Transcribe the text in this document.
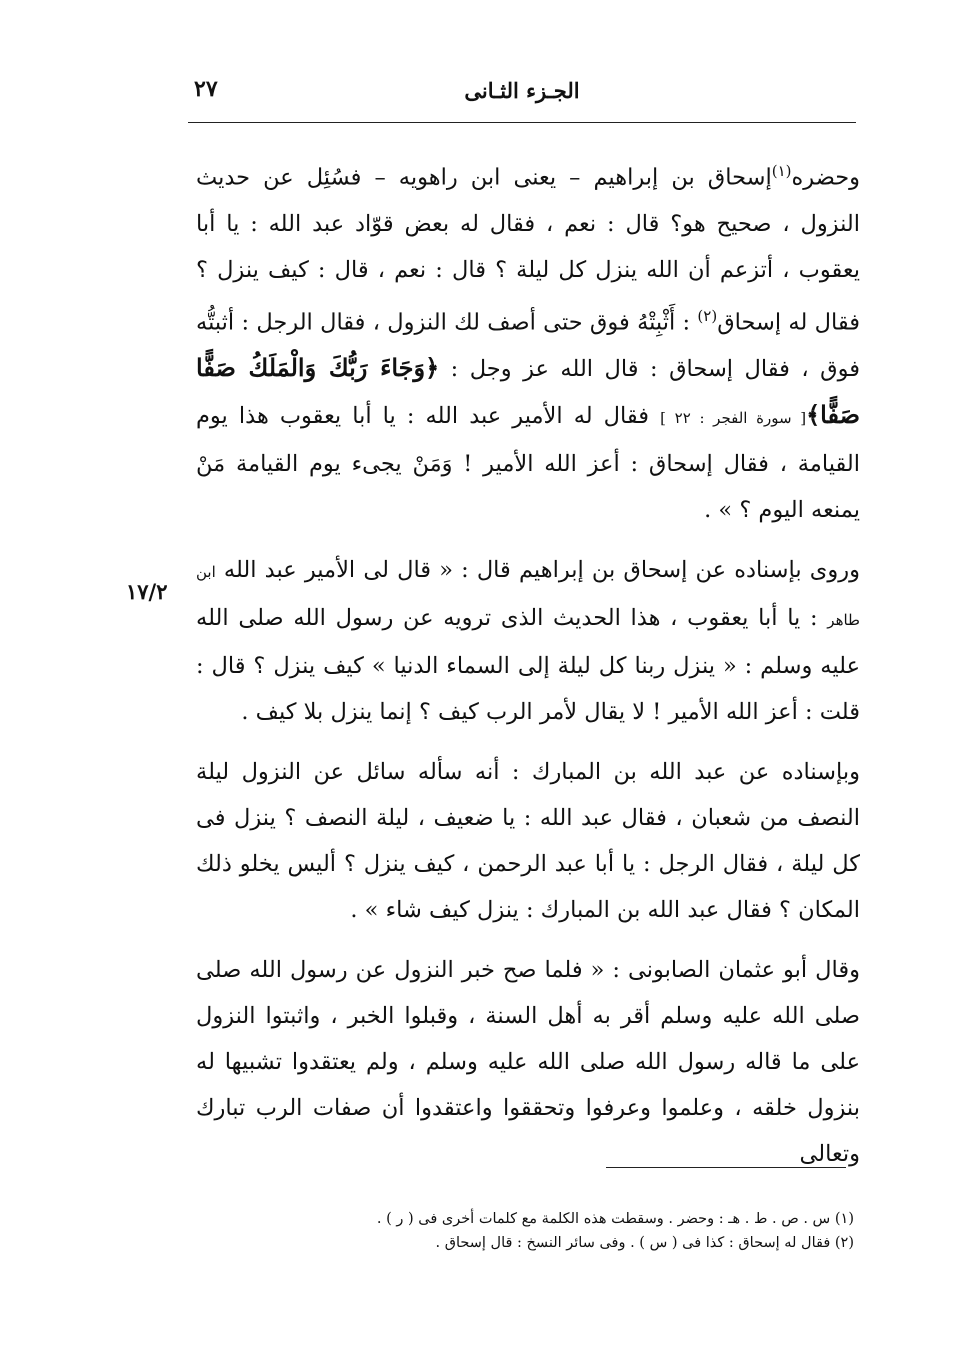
الجـزء الثـانى
٢٧
١٧/٢

وحضره$^{(١)}$إسحاق بن إبراهيم – يعنى ابن راهويه – فسُئِل عن حديث النزول ، صحيح هو؟ قال : نعم ، فقال له بعض قوّاد عبد الله : يا أبا يعقوب ، أتزعم أن الله ينزل كل ليلة ؟ قال : نعم ، قال : كيف ينزل ؟ فقال له إسحاق$^{(٢)}$ : أَثْبِتْهُ فوق حتى أصف لك النزول ، فقال الرجل : أثبتُّه فوق ، فقال إسحاق : قال الله عز وجل : ﴿وَجَاءَ رَبُّكَ وَالْمَلَكُ صَفًّا صَفًّا﴾[ سورة الفجر : ٢٢ ] فقال له الأمير عبد الله : يا أبا يعقوب هذا يوم القيامة ، فقال إسحاق : أعز الله الأمير ! وَمَنْ يجىء يوم القيامة مَنْ يمنعه اليوم ؟ » .

وروى بإسناده عن إسحاق بن إبراهيم قال : « قال لى الأمير عبد الله ابن طاهر : يا أبا يعقوب ، هذا الحديث الذى ترويه عن رسول الله صلى الله عليه وسلم : « ينزل ربنا كل ليلة إلى السماء الدنيا » كيف ينزل ؟ قال : قلت : أعز الله الأمير ! لا يقال لأمر الرب كيف ؟ إنما ينزل بلا كيف .

وبإسناده عن عبد الله بن المبارك : أنه سأله سائل عن النزول ليلة النصف من شعبان ، فقال عبد الله : يا ضعيف ، ليلة النصف ؟ ينزل فى كل ليلة ، فقال الرجل : يا أبا عبد الرحمن ، كيف ينزل ؟ أليس يخلو ذلك المكان ؟ فقال عبد الله بن المبارك : ينزل كيف شاء » .

وقال أبو عثمان الصابونى : « فلما صح خبر النزول عن رسول الله صلى صلى الله عليه وسلم أقر به أهل السنة ، وقبلوا الخبر ، واثبتوا النزول على ما قاله رسول الله صلى الله عليه وسلم ، ولم يعتقدوا تشبيها له بنزول خلقه ، وعلموا وعرفوا وتحققوا واعتقدوا أن صفات الرب تبارك وتعالى

(١) س . ص . ط . هـ : وحضر . وسقطت هذه الكلمة مع كلمات أخرى فى ( ر ) .

(٢) فقال له إسحاق : كذا فى ( س ) . وفى سائر النسخ : قال إسحاق .
